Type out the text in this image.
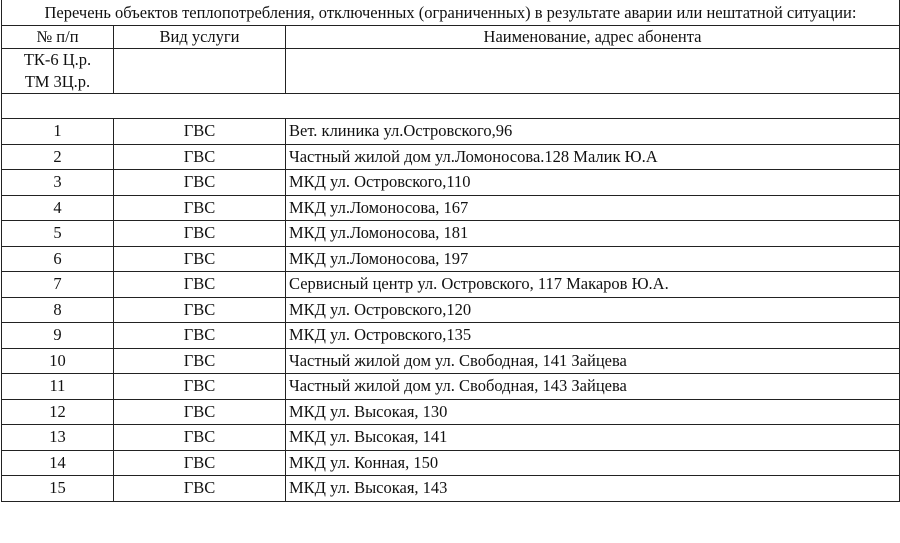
Перечень объектов теплопотребления, отключенных (ограниченных) в результате аварии или нештатной ситуации:		
№ п/п	Вид услуги	Наименование, адрес абонента

ТК-6 Ц.р.
ТМ 3Ц.р.		

1	ГВС	Вет. клиника ул.Островского,96
2	ГВС	Частный жилой дом ул.Ломоносова.128 Малик Ю.А
3	ГВС	МКД ул. Островского,110
4	ГВС	МКД ул.Ломоносова, 167
5	ГВС	МКД ул.Ломоносова, 181
6	ГВС	МКД ул.Ломоносова, 197
7	ГВС	Сервисный центр ул. Островского, 117 Макаров Ю.А.
8	ГВС	МКД ул. Островского,120
9	ГВС	МКД ул. Островского,135
10	ГВС	Частный жилой дом ул. Свободная, 141 Зайцева
11	ГВС	Частный жилой дом ул. Свободная, 143 Зайцева
12	ГВС	МКД ул. Высокая, 130
13	ГВС	МКД ул. Высокая, 141
14	ГВС	МКД ул. Конная, 150
15	ГВС	МКД ул. Высокая, 143
